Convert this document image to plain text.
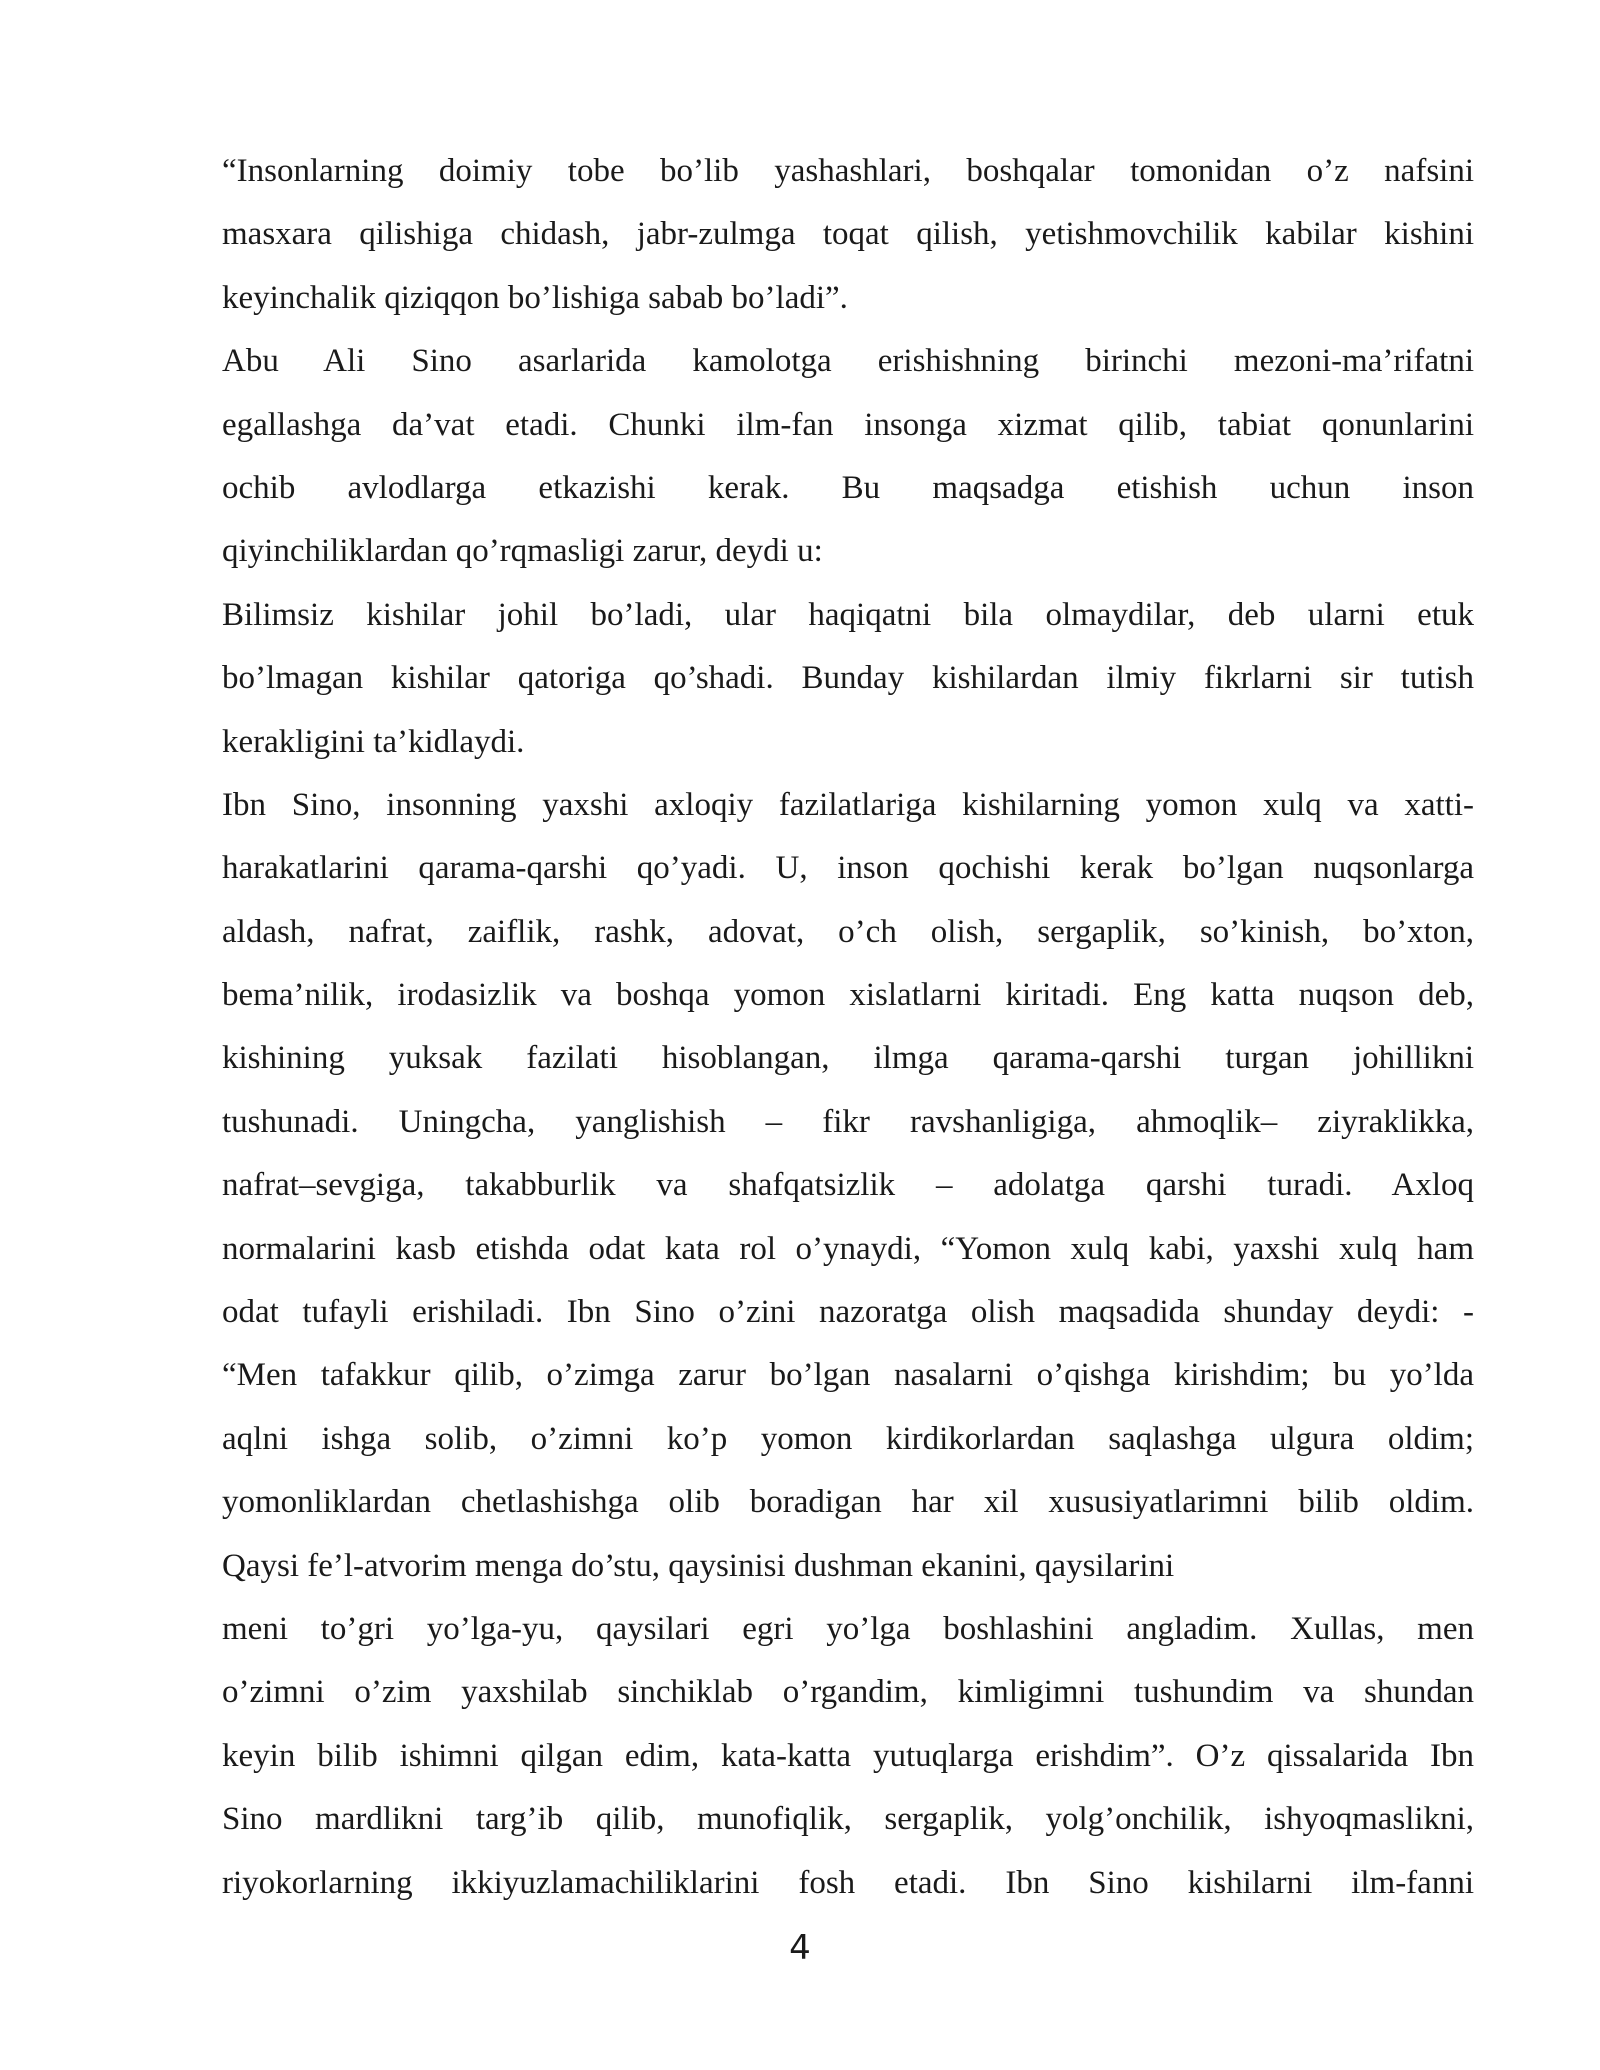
“Insonlarning doimiy tobe bo’lib yashashlari, boshqalar tomonidan o’z nafsini
masxara qilishiga chidash, jabr-zulmga toqat qilish, yetishmovchilik kabilar kishini
keyinchalik qiziqqon bo’lishiga sabab bo’ladi”.
Abu Ali Sino asarlarida kamolotga erishishning birinchi mezoni-ma’rifatni
egallashga da’vat etadi. Chunki ilm-fan insonga xizmat qilib, tabiat qonunlarini
ochib avlodlarga etkazishi kerak. Bu maqsadga etishish uchun inson
qiyinchiliklardan qo’rqmasligi zarur, deydi u:
Bilimsiz kishilar johil bo’ladi, ular haqiqatni bila olmaydilar, deb ularni etuk
bo’lmagan kishilar qatoriga qo’shadi. Bunday kishilardan ilmiy fikrlarni sir tutish
kerakligini ta’kidlaydi.
Ibn Sino, insonning yaxshi axloqiy fazilatlariga kishilarning yomon xulq va xatti-
harakatlarini qarama-qarshi qo’yadi. U, inson qochishi kerak bo’lgan nuqsonlarga
aldash, nafrat, zaiflik, rashk, adovat, o’ch olish, sergaplik, so’kinish, bo’xton,
bema’nilik, irodasizlik va boshqa yomon xislatlarni kiritadi. Eng katta nuqson deb,
kishining yuksak fazilati hisoblangan, ilmga qarama-qarshi turgan johillikni
tushunadi. Uningcha, yanglishish – fikr ravshanligiga, ahmoqlik– ziyraklikka,
nafrat–sevgiga, takabburlik va shafqatsizlik – adolatga qarshi turadi. Axloq
normalarini kasb etishda odat kata rol o’ynaydi, “Yomon xulq kabi, yaxshi xulq ham
odat tufayli erishiladi. Ibn Sino o’zini nazoratga olish maqsadida shunday deydi: -
“Men tafakkur qilib, o’zimga zarur bo’lgan nasalarni o’qishga kirishdim; bu yo’lda
aqlni ishga solib, o’zimni ko’p yomon kirdikorlardan saqlashga ulgura oldim;
yomonliklardan chetlashishga olib boradigan har xil xususiyatlarimni bilib oldim.
Qaysi fe’l-atvorim menga do’stu, qaysinisi dushman ekanini, qaysilarini
meni to’gri yo’lga-yu, qaysilari egri yo’lga boshlashini angladim. Xullas, men
o’zimni o’zim yaxshilab sinchiklab o’rgandim, kimligimni tushundim va shundan
keyin bilib ishimni qilgan edim, kata-katta yutuqlarga erishdim”. O’z qissalarida Ibn
Sino mardlikni targ’ib qilib, munofiqlik, sergaplik, yolg’onchilik, ishyoqmaslikni,
riyokorlarning ikkiyuzlamachiliklarini fosh etadi. Ibn Sino kishilarni ilm-fanni
4
